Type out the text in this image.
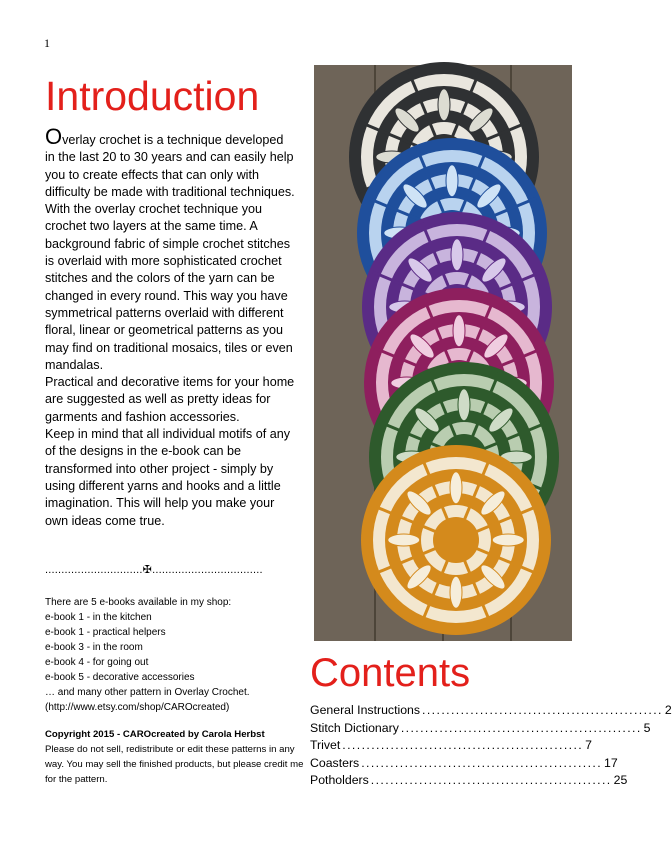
1
Introduction

Overlay crochet is a technique developed in the last 20 to 30 years and can easily help you to create effects that can only with difficulty be made with traditional techniques.

With the overlay crochet technique you crochet two layers at the same time. A background fabric of simple crochet stitches is overlaid with more sophisticated crochet stitches and the colors of the yarn can be changed in every round. This way you have symmetrical patterns overlaid with different floral, linear or geometrical patterns as you may find on traditional mosaics, tiles or even mandalas.

Practical and decorative items for your home are suggested as well as pretty ideas for garments and fashion accessories.

Keep in mind that all individual motifs of any of the designs in the e-book can be transformed into other project - simply by using different yarns and hooks and a little imagination. This will help you make your own ideas come true.

..............................✠..................................
There are 5 e-books available in my shop:
e-book 1 - in the kitchen
e-book 1 - practical helpers
e-book 3 - in the room
e-book 4 - for going out
e-book 5 - decorative accessories
… and many other pattern in Overlay Crochet.
(http://www.etsy.com/shop/CAROcreated)
Copyright 2015 - CAROcreated by Carola Herbst
Please do not sell, redistribute or edit these patterns in any way. You may sell the finished products, but please credit me for the pattern.
Contents
General Instructions .................................................. 2
Stitch Dictionary .................................................. 5
Trivet .................................................. 7
Coasters .................................................. 17
Potholders .................................................. 25
